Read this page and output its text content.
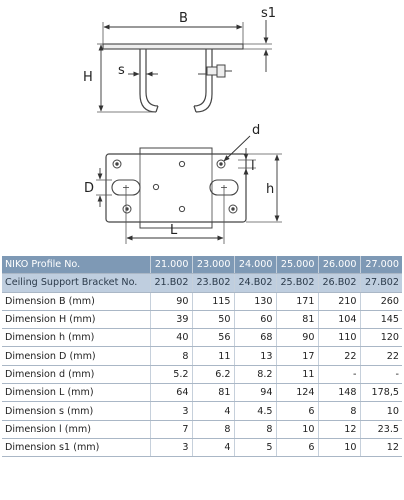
B	s1
H s
d
l
h
D
L
NIKO Profile No.	21.000	23.000	24.000	25.000	26.000	27.000
Ceiling Support Bracket No.	21.B02	23.B02	24.B02	25.B02	26.B02	27.B02
Dimension B (mm)	90	115	130	171	210	260
Dimension H (mm)	39	50	60	81	104	145
Dimension h (mm)	40	56	68	90	110	120
Dimension D (mm)	8	11	13	17	22	22
Dimension d (mm)	5.2	6.2	8.2	11	-	-
Dimension L (mm)	64	81	94	124	148	178,5
Dimension s (mm)	3	4	4.5	6	8	10
Dimension l (mm)	7	8	8	10	12	23.5
Dimension s1 (mm)	3	4	5	6	10	12
